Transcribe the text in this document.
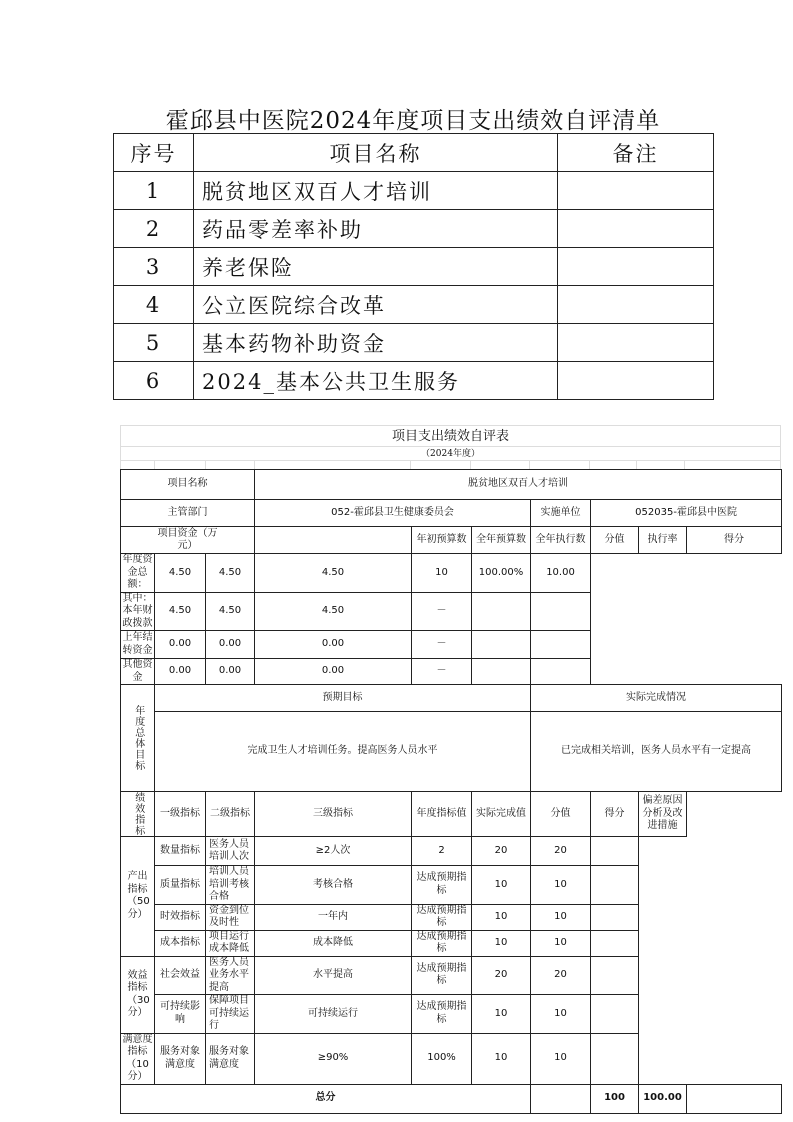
霍邱县中医院2024年度项目支出绩效自评清单
序号	项目名称	备注
1	脱贫地区双百人才培训	
2	药品零差率补助	
3	养老保险	
4	公立医院综合改革	
5	基本药物补助资金	
6	2024_基本公共卫生服务	
项目支出绩效自评表
（2024年度）
项目名称			脱贫地区双百人才培训						
主管部门			052-霍邱县卫生健康委员会			实施单位	052035-霍邱县中医院		
项目资金（万元）				年初预算数	全年预算数	全年执行数	分值	执行率	得分
年度资金总额：	4.50	4.50	4.50	10	100.00%	10.00			
其中：本年财政拨款	4.50	4.50	4.50	－					
上年结转资金	0.00	0.00	0.00	－					
其他资金	0.00	0.00	0.00	－					
年度总体目标	预期目标					实际完成情况			
	完成卫生人才培训任务。提高医务人员水平					已完成相关培训，医务人员水平有一定提高			
绩效指标	一级指标	二级指标	三级指标	年度指标值	实际完成值	分值	得分	偏差原因分析及改进措施	
产出指标（50分）	数量指标	医务人员培训人次	≥2人次	2	20	20			
	质量指标	培训人员培训考核合格	考核合格	达成预期指标	10	10			
	时效指标	资金到位及时性	一年内	达成预期指标	10	10			
	成本指标	项目运行成本降低	成本降低	达成预期指标	10	10			
效益指标（30分）	社会效益	医务人员业务水平提高	水平提高	达成预期指标	20	20			
	可持续影响	保障项目可持续运行	可持续运行	达成预期指标	10	10			
满意度指标（10分）	服务对象满意度	服务对象满意度	≥90%	100%	10	10			
总分							100	100.00	
